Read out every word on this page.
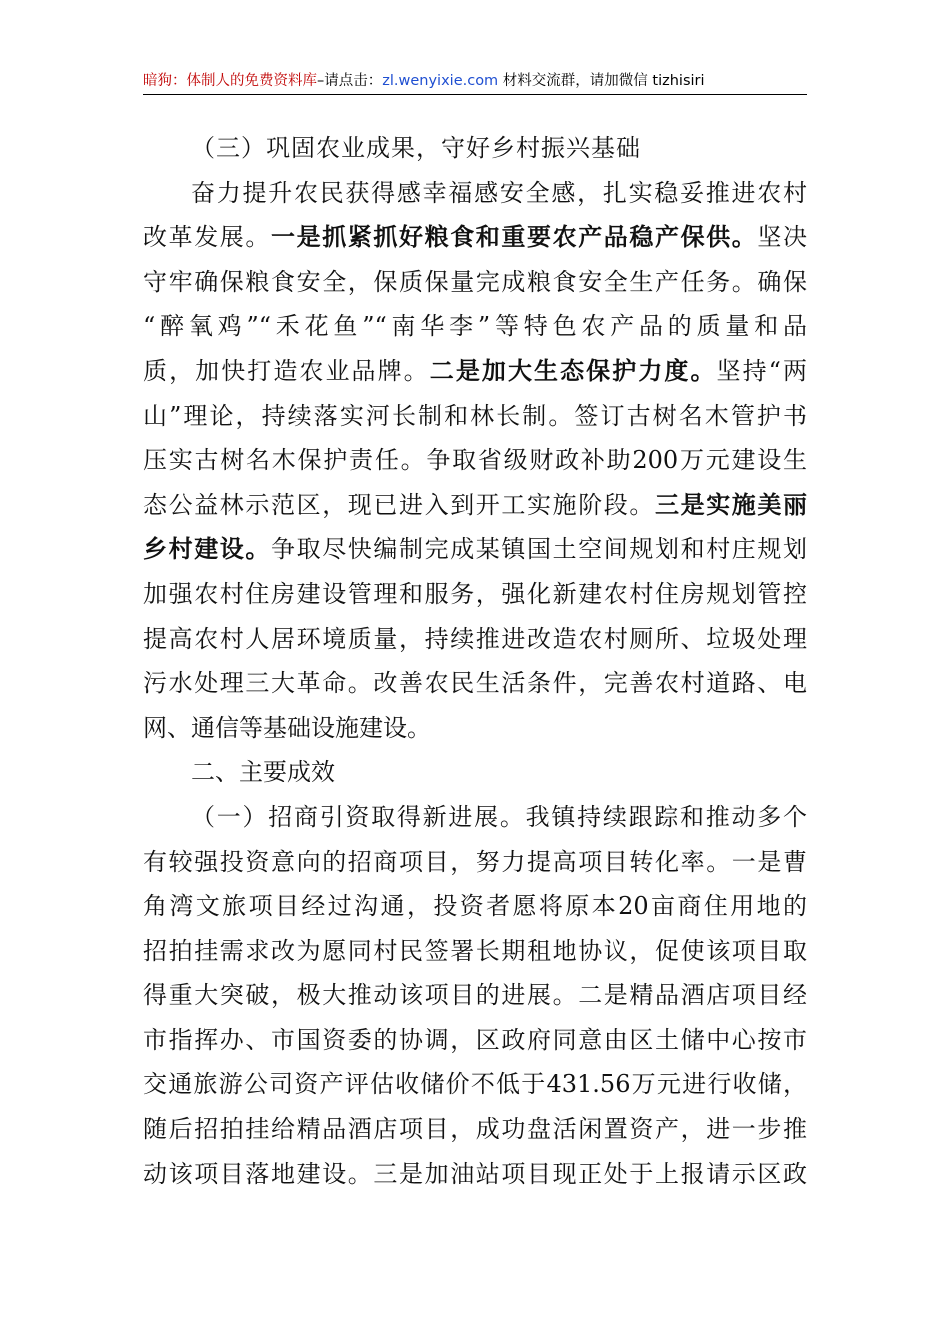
暗狗：体制人的免费资料库–请点击：zl.wenyixie.com 材料交流群，请加微信 tizhisiri
（三）巩固农业成果，守好乡村振兴基础
奋力提升农民获得感幸福感安全感，扎实稳妥推进农村
改革发展。一是抓紧抓好粮食和重要农产品稳产保供。坚决
守牢确保粮食安全，保质保量完成粮食安全生产任务。确保
“醉氧鸡”“禾花鱼”“南华李”等特色农产品的质量和品
质，加快打造农业品牌。二是加大生态保护力度。坚持“两
山”理论，持续落实河长制和林长制。签订古树名木管护书
压实古树名木保护责任。争取省级财政补助200万元建设生
态公益林示范区，现已进入到开工实施阶段。三是实施美丽
乡村建设。争取尽快编制完成某镇国土空间规划和村庄规划
加强农村住房建设管理和服务，强化新建农村住房规划管控
提高农村人居环境质量，持续推进改造农村厕所、垃圾处理
污水处理三大革命。改善农民生活条件，完善农村道路、电
网、通信等基础设施建设。
二、主要成效
（一）招商引资取得新进展。我镇持续跟踪和推动多个
有较强投资意向的招商项目，努力提高项目转化率。一是曹
角湾文旅项目经过沟通，投资者愿将原本20亩商住用地的
招拍挂需求改为愿同村民签署长期租地协议，促使该项目取
得重大突破，极大推动该项目的进展。二是精品酒店项目经
市指挥办、市国资委的协调，区政府同意由区土储中心按市
交通旅游公司资产评估收储价不低于431.56万元进行收储，
随后招拍挂给精品酒店项目，成功盘活闲置资产，进一步推
动该项目落地建设。三是加油站项目现正处于上报请示区政
